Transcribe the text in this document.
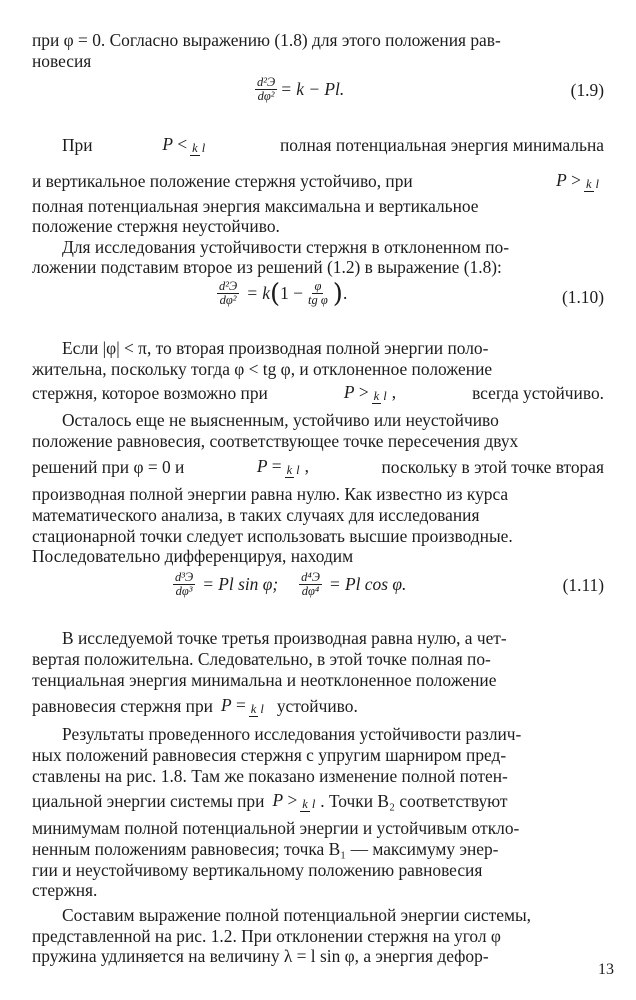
при φ = 0. Согласно выражению (1.8) для этого положения рав-
новесия
d²Э
dφ² = k − Pl.	(1.9)
При	P < k l	полная потенциальная энергия минимальна
и вертикальное положение стержня устойчиво, при	P > k l
полная потенциальная энергия максимальна и вертикальное
положение стержня неустойчиво.
Для исследования устойчивости стержня в отклоненном по-
ложении подставим второе из решений (1.2) в выражение (1.8):
d²Э
dφ² = k ( $1 - \frac{\varphi}{\text{tg φ}}$ ) .	(1.10)
Если |φ| < π, то вторая производная полной энергии поло-
жительна, поскольку тогда φ < tg φ, и отклоненное положение
стержня, которое возможно при	P > k l ,	всегда устойчиво.
Осталось еще не выясненным, устойчиво или неустойчиво
положение равновесия, соответствующее точке пересечения двух
решений при φ = 0 и	P = k l ,	поскольку в этой точке вторая
производная полной энергии равна нулю. Как известно из курса
математического анализа, в таких случаях для исследования
стационарной точки следует использовать высшие производные.
Последовательно дифференцируя, находим
d³Э
dφ³ = Pl sin φ; d⁴Э
dφ⁴ = Pl cos φ.	(1.11)
В исследуемой точке третья производная равна нулю, а чет-
вертая положительна. Следовательно, в этой точке полная по-
тенциальная энергия минимальна и неотклоненное положение
равновесия стержня при P = k l устойчиво.
Результаты проведенного исследования устойчивости различ-
ных положений равновесия стержня с упругим шарниром пред-
ставлены на рис. 1.8. Там же показано изменение полной потен-
циальной энергии системы при P > k l . Точки B₂ соответствуют
минимумам полной потенциальной энергии и устойчивым откло-
ненным положениям равновесия; точка B₁ — максимуму энер-
гии и неустойчивому вертикальному положению равновесия
стержня.
Составим выражение полной потенциальной энергии системы,
представленной на рис. 1.2. При отклонении стержня на угол φ
пружина удлиняется на величину λ = l sin φ, а энергия дефор-
13
